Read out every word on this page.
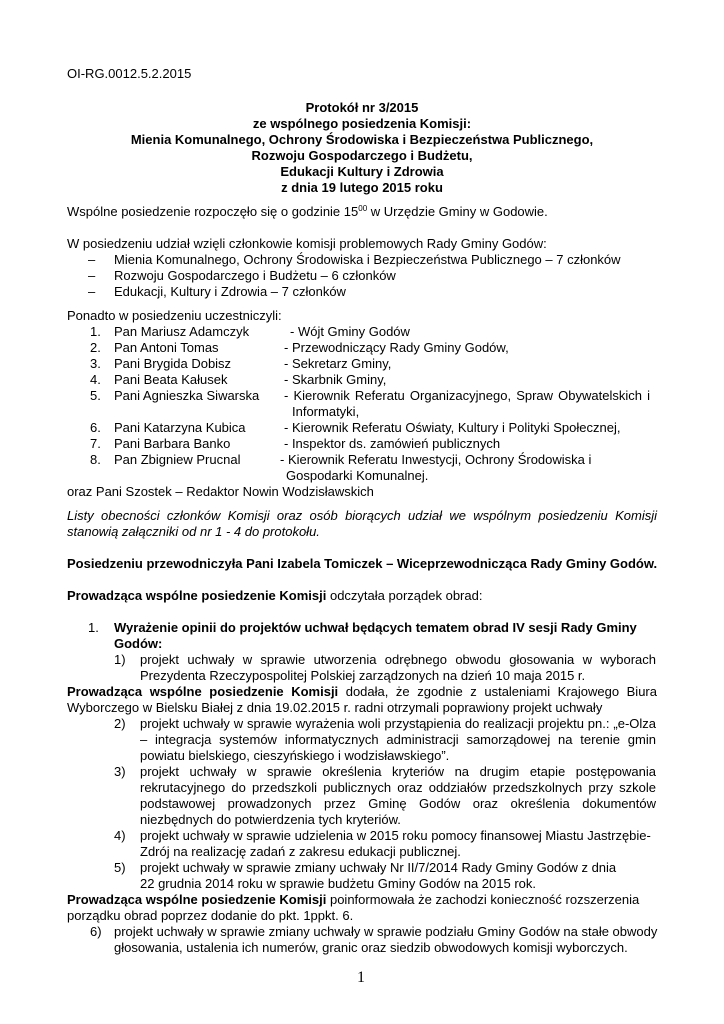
OI-RG.0012.5.2.2015
Protokół nr 3/2015
ze wspólnego posiedzenia Komisji:
Mienia Komunalnego, Ochrony Środowiska i Bezpieczeństwa Publicznego,
Rozwoju Gospodarczego i Budżetu,
Edukacji Kultury i Zdrowia
z dnia 19 lutego 2015 roku
Wspólne posiedzenie rozpoczęło się o godzinie $15^{00}$ w Urzędzie Gminy w Godowie.
W posiedzeniu udział wzięli członkowie komisji problemowych Rady Gminy Godów:
– Mienia Komunalnego, Ochrony Środowiska i Bezpieczeństwa Publicznego – 7 członków
– Rozwoju Gospodarczego i Budżetu – 6 członków
– Edukacji, Kultury i Zdrowia – 7 członków
Ponadto w posiedzeniu uczestniczyli:
1. Pan Mariusz Adamczyk	- Wójt Gminy Godów
2. Pan Antoni Tomas	- Przewodniczący Rady Gminy Godów,
3. Pani Brygida Dobisz	- Sekretarz Gminy,
4. Pani Beata Kałusek	- Skarbnik Gminy,
5. Pani Agnieszka Siwarska - Kierownik Referatu Organizacyjnego, Spraw Obywatelskich i
Informatyki,
6. Pani Katarzyna Kubica	- Kierownik Referatu Oświaty, Kultury i Polityki Społecznej,
7. Pani Barbara Banko	- Inspektor ds. zamówień publicznych
8. Pan Zbigniew Prucnal	- Kierownik Referatu Inwestycji, Ochrony Środowiska i
Gospodarki Komunalnej.
oraz Pani Szostek – Redaktor Nowin Wodzisławskich
Listy obecności członków Komisji oraz osób biorących udział we wspólnym posiedzeniu Komisji
stanowią załączniki od nr 1 - 4 do protokołu.
Posiedzeniu przewodniczyła Pani Izabela Tomiczek – Wiceprzewodnicząca Rady Gminy Godów.
Prowadząca wspólne posiedzenie Komisji odczytała porządek obrad:
1. Wyrażenie opinii do projektów uchwał będących tematem obrad IV sesji Rady Gminy
Godów:
1) projekt uchwały w sprawie utworzenia odrębnego obwodu głosowania w wyborach
Prezydenta Rzeczypospolitej Polskiej zarządzonych na dzień 10 maja 2015 r.
Prowadząca wspólne posiedzenie Komisji dodała, że zgodnie z ustaleniami Krajowego Biura
Wyborczego w Bielsku Białej z dnia 19.02.2015 r. radni otrzymali poprawiony projekt uchwały
2) projekt uchwały w sprawie wyrażenia woli przystąpienia do realizacji projektu pn.: „e-Olza
– integracja systemów informatycznych administracji samorządowej na terenie gmin
powiatu bielskiego, cieszyńskiego i wodzisławskiego”.
3) projekt uchwały w sprawie określenia kryteriów na drugim etapie postępowania
rekrutacyjnego do przedszkoli publicznych oraz oddziałów przedszkolnych przy szkole
podstawowej prowadzonych przez Gminę Godów oraz określenia dokumentów
niezbędnych do potwierdzenia tych kryteriów.
4) projekt uchwały w sprawie udzielenia w 2015 roku pomocy finansowej Miastu Jastrzębie-
Zdrój na realizację zadań z zakresu edukacji publicznej.
5) projekt uchwały w sprawie zmiany uchwały Nr II/7/2014 Rady Gminy Godów z dnia
22 grudnia 2014 roku w sprawie budżetu Gminy Godów na 2015 rok.
Prowadząca wspólne posiedzenie Komisji poinformowała że zachodzi konieczność rozszerzenia
porządku obrad poprzez dodanie do pkt. 1ppkt. 6.
6) projekt uchwały w sprawie zmiany uchwały w sprawie podziału Gminy Godów na stałe obwody
głosowania, ustalenia ich numerów, granic oraz siedzib obwodowych komisji wyborczych.
1
